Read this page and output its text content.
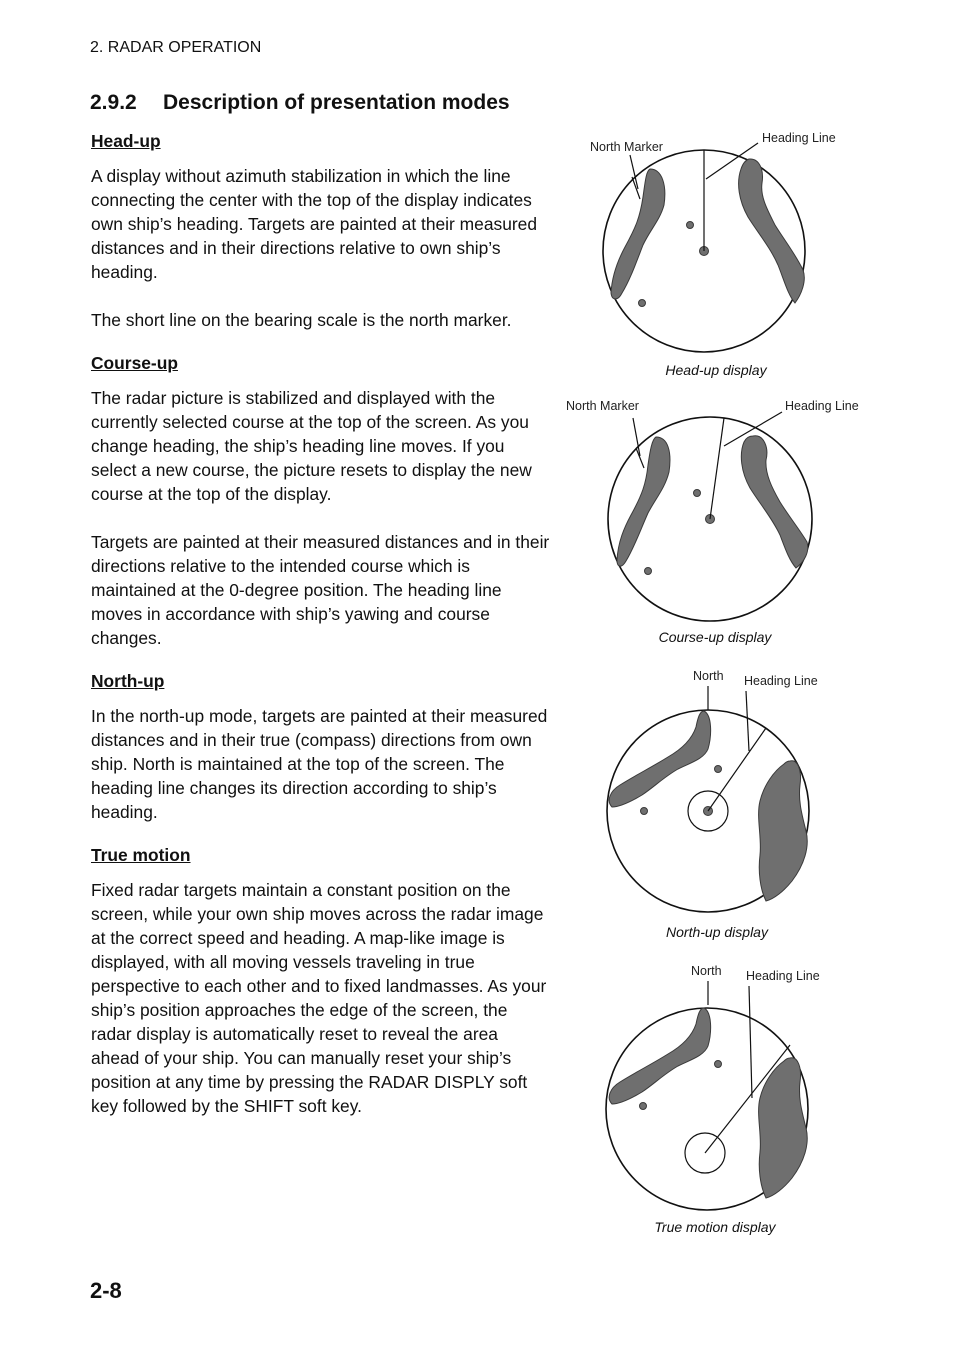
2. RADAR OPERATION
2.9.2 Description of presentation modes
Head-up

A display without azimuth stabilization in which the line connecting the center with the top of the display indicates own ship’s heading. Targets are painted at their measured distances and in their directions relative to own ship’s heading.

The short line on the bearing scale is the north marker.

Course-up

The radar picture is stabilized and displayed with the currently selected course at the top of the screen. As you change heading, the ship’s heading line moves. If you select a new course, the picture resets to display the new course at the top of the display.

Targets are painted at their measured distances and in their directions relative to the intended course which is maintained at the 0-degree position. The heading line moves in accordance with ship’s yawing and course changes.

North-up

In the north-up mode, targets are painted at their measured distances and in their true (compass) directions from own ship. North is maintained at the top of the screen. The heading line changes its direction according to ship’s heading.

True motion

Fixed radar targets maintain a constant position on the screen, while your own ship moves across the radar image at the correct speed and heading. A map-like image is displayed, with all moving vessels traveling in true perspective to each other and to fixed landmasses. As your ship’s position approaches the edge of the screen, the radar display is automatically reset to reveal the area ahead of your ship. You can manually reset your ship’s position at any time by pressing the RADAR DISPLY soft key followed by the SHIFT soft key.

North Marker
Heading Line
Head-up display
North Marker	Heading Line
Course-up display
North Heading Line
North-up display
North Heading Line
True motion display
2-8
